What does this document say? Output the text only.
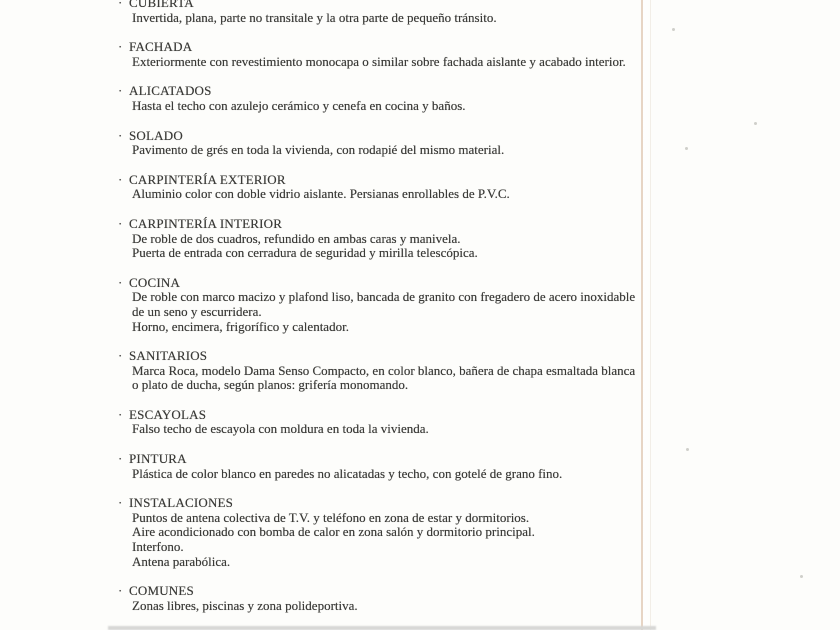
· CUBIERTA
Invertida, plana, parte no transitale y la otra parte de pequeño tránsito.
· FACHADA
Exteriormente con revestimiento monocapa o similar sobre fachada aislante y acabado interior.
· ALICATADOS
Hasta el techo con azulejo cerámico y cenefa en cocina y baños.
· SOLADO
Pavimento de grés en toda la vivienda, con rodapié del mismo material.
· CARPINTERÍA EXTERIOR
Aluminio color con doble vidrio aislante. Persianas enrollables de P.V.C.
· CARPINTERÍA INTERIOR
De roble de dos cuadros, refundido en ambas caras y manivela.
Puerta de entrada con cerradura de seguridad y mirilla telescópica.
· COCINA
De roble con marco macizo y plafond liso, bancada de granito con fregadero de acero inoxidable
de un seno y escurridera.
Horno, encimera, frigorífico y calentador.
· SANITARIOS
Marca Roca, modelo Dama Senso Compacto, en color blanco, bañera de chapa esmaltada blanca
o plato de ducha, según planos: grifería monomando.
· ESCAYOLAS
Falso techo de escayola con moldura en toda la vivienda.
· PINTURA
Plástica de color blanco en paredes no alicatadas y techo, con gotelé de grano fino.
· INSTALACIONES
Puntos de antena colectiva de T.V. y teléfono en zona de estar y dormitorios.
Aire acondicionado con bomba de calor en zona salón y dormitorio principal.
Interfono.
Antena parabólica.
· COMUNES
Zonas libres, piscinas y zona polideportiva.
